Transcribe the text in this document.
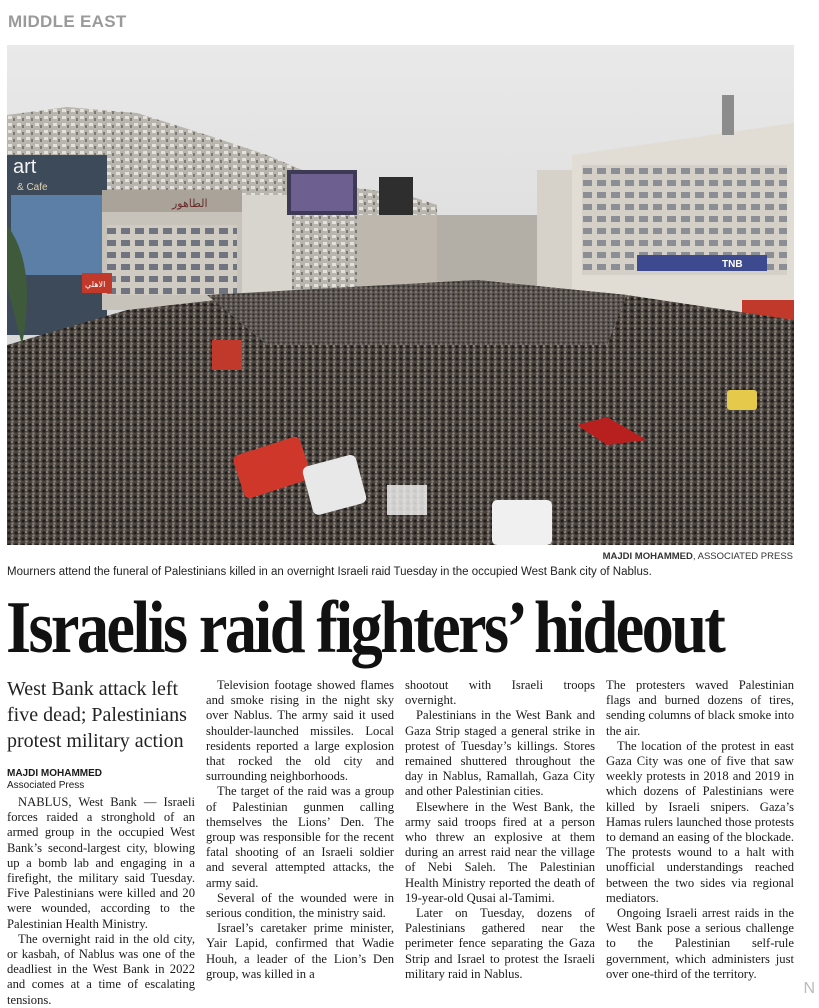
MIDDLE EAST
art
& Cafe
الطاهور
الاهلي
TNB
MAJDI MOHAMMED, ASSOCIATED PRESS
Mourners attend the funeral of Palestinians killed in an overnight Israeli raid Tuesday in the occupied West Bank city of Nablus.
Israelis raid fighters’ hideout
West Bank attack left five dead; Palestinians protest military action
MAJDI MOHAMMED
Associated Press

NABLUS, West Bank — Israeli forces raided a stronghold of an armed group in the occupied West Bank’s second-largest city, blowing up a bomb lab and engaging in a firefight, the military said Tuesday. Five Palestinians were killed and 20 were wounded, according to the Palestinian Health Ministry.

The overnight raid in the old city, or kasbah, of Nablus was one of the deadliest in the West Bank in 2022 and comes at a time of escalating tensions.

Television footage showed flames and smoke rising in the night sky over Nablus. The army said it used shoulder-launched missiles. Local residents reported a large explosion that rocked the old city and surrounding neighborhoods.

The target of the raid was a group of Palestinian gunmen calling themselves the Lions’ Den. The group was responsible for the recent fatal shooting of an Israeli soldier and several attempted attacks, the army said.

Several of the wounded were in serious condition, the ministry said.

Israel’s caretaker prime minister, Yair Lapid, confirmed that Wadie Houh, a leader of the Lion’s Den group, was killed in a

shootout with Israeli troops overnight.

Palestinians in the West Bank and Gaza Strip staged a general strike in protest of Tuesday’s killings. Stores remained shuttered throughout the day in Nablus, Ramallah, Gaza City and other Palestinian cities.

Elsewhere in the West Bank, the army said troops fired at a person who threw an explosive at them during an arrest raid near the village of Nebi Saleh. The Palestinian Health Ministry reported the death of 19-year-old Qusai al-Tamimi.

Later on Tuesday, dozens of Palestinians gathered near the perimeter fence separating the Gaza Strip and Israel to protest the Israeli military raid in Nablus.

The protesters waved Palestinian flags and burned dozens of tires, sending columns of black smoke into the air.

The location of the protest in east Gaza City was one of five that saw weekly protests in 2018 and 2019 in which dozens of Palestinians were killed by Israeli snipers. Gaza’s Hamas rulers launched those protests to demand an easing of the blockade. The protests wound to a halt with unofficial understandings reached between the two sides via regional mediators.

Ongoing Israeli arrest raids in the West Bank pose a serious challenge to the Palestinian self-rule government, which administers just over one-third of the territory.

N
